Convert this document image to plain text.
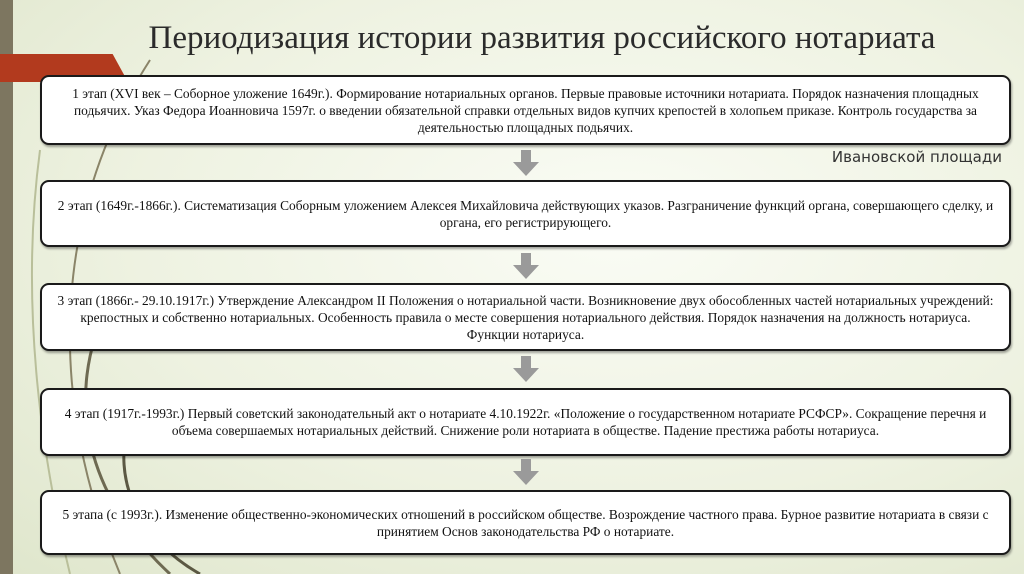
Периодизация истории развития российского нотариата
1 этап (XVI век – Соборное уложение 1649г.). Формирование нотариальных органов. Первые правовые источники нотариата. Порядок назначения площадных подьячих. Указ Федора Иоанновича 1597г. о введении обязательной справки отдельных видов купчих крепостей в холопьем приказе. Контроль государства за деятельностью площадных подьячих.
Ивановской площади
2 этап (1649г.-1866г.). Систематизация Соборным уложением Алексея Михайловича действующих указов. Разграничение функций органа, совершающего сделку, и органа, его регистрирующего.
3 этап (1866г.- 29.10.1917г.) Утверждение Александром II Положения о нотариальной части. Возникновение двух обособленных частей нотариальных учреждений: крепостных и собственно нотариальных. Особенность правила о месте совершения нотариального действия. Порядок назначения на должность нотариуса. Функции нотариуса.
4 этап (1917г.-1993г.) Первый советский законодательный акт о нотариате 4.10.1922г. «Положение о государственном нотариате РСФСР». Сокращение перечня и объема совершаемых нотариальных действий. Снижение роли нотариата в обществе. Падение престижа работы нотариуса.
5 этапа (с 1993г.). Изменение общественно-экономических отношений в российском обществе. Возрождение частного права. Бурное развитие нотариата в связи с принятием Основ законодательства РФ о нотариате.
